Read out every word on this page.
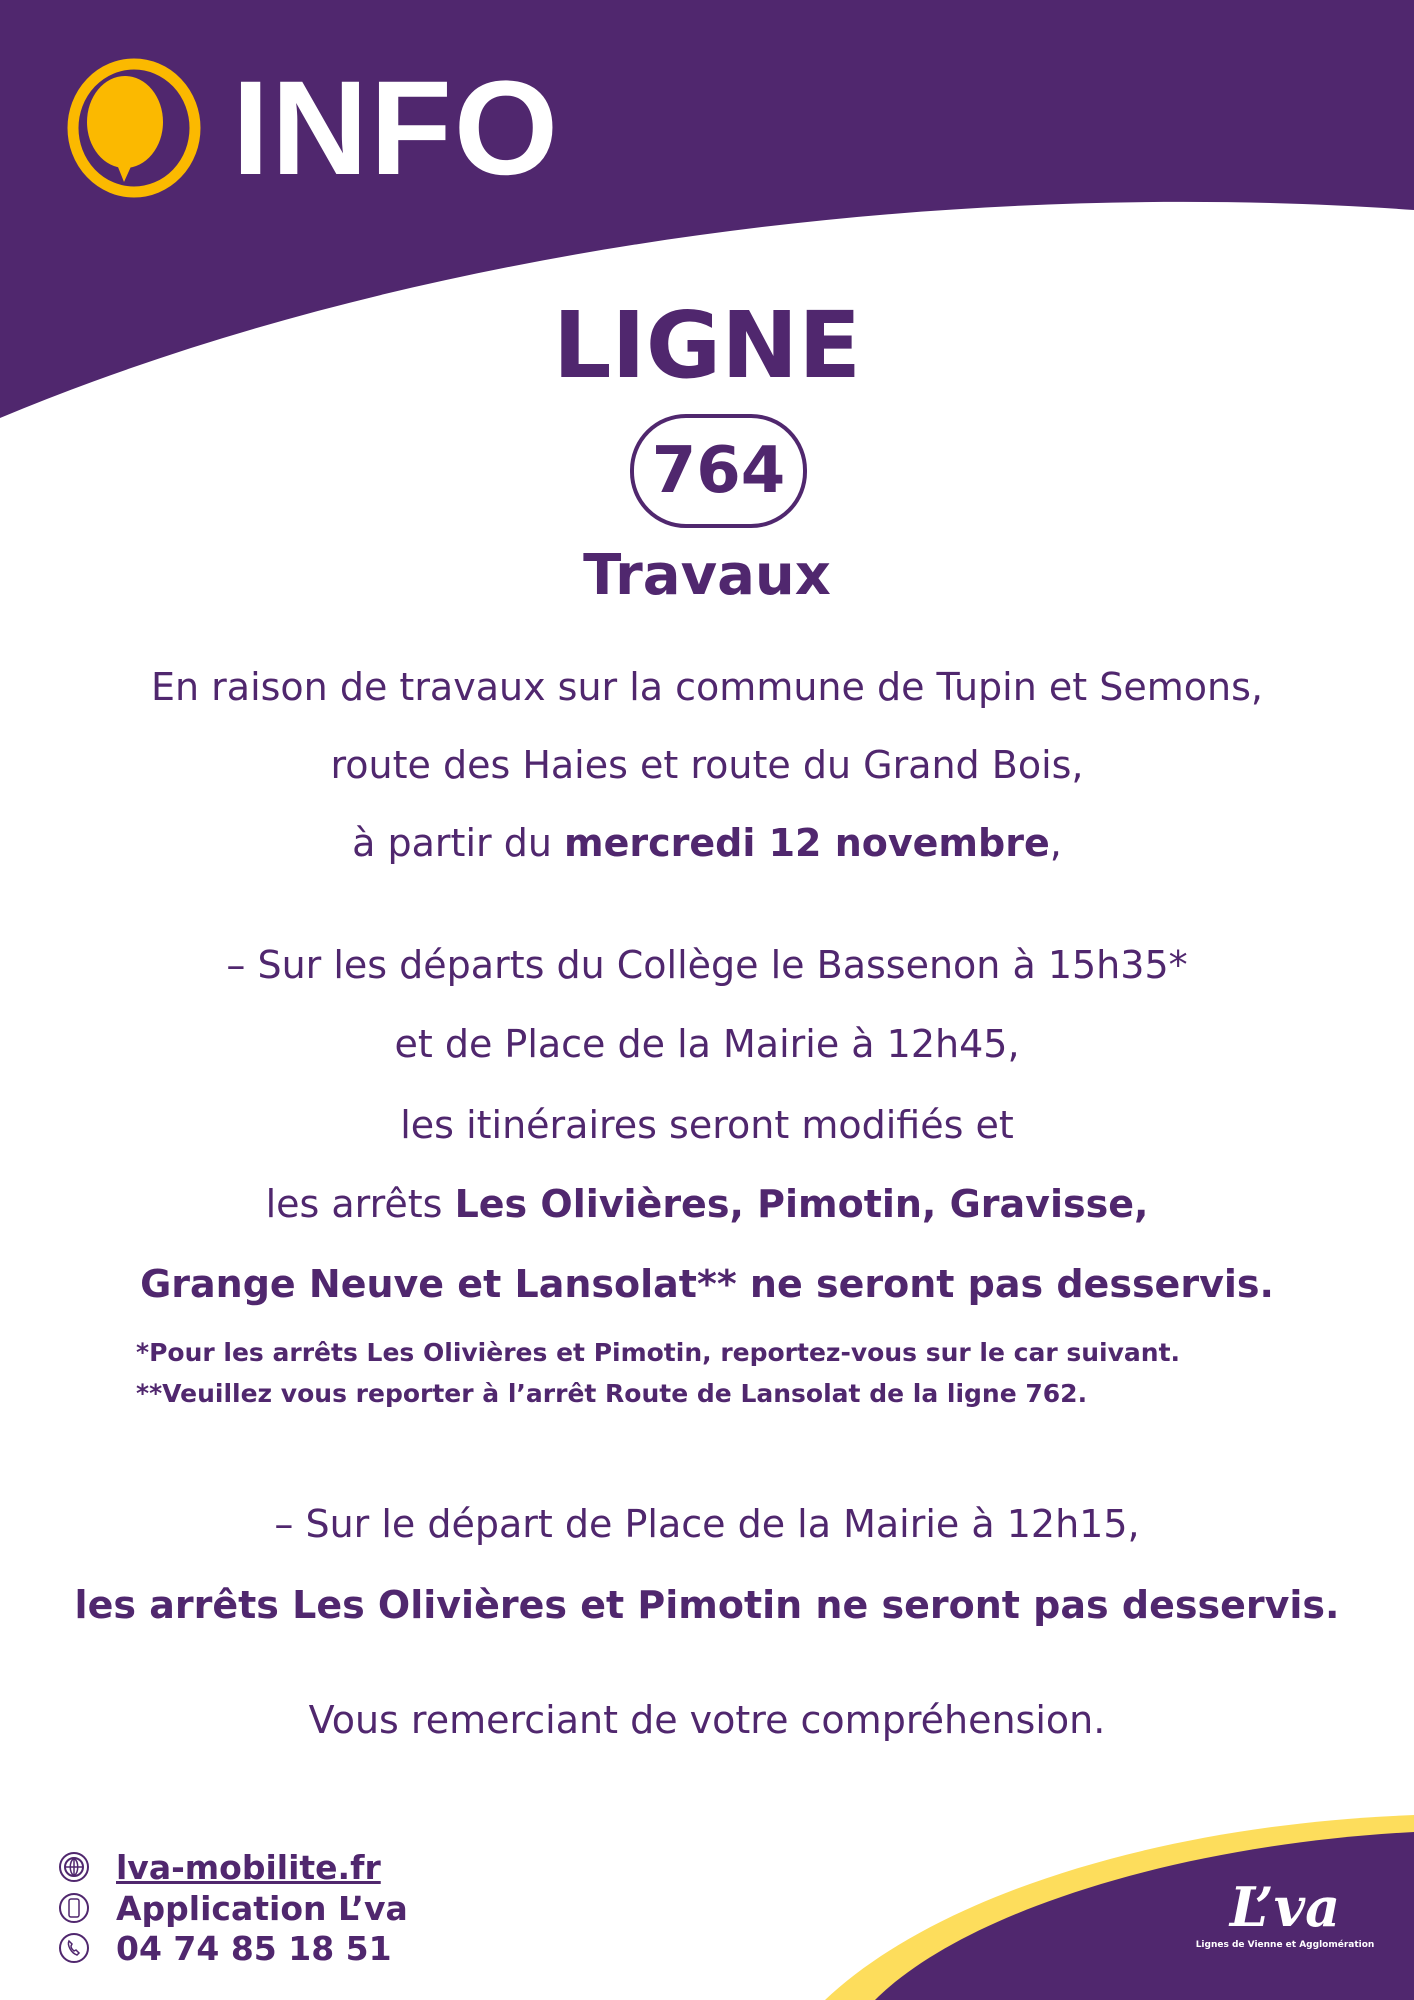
INFO
LIGNE
764
Travaux
En raison de travaux sur la commune de Tupin et Semons,
route des Haies et route du Grand Bois,
à partir du mercredi 12 novembre,
– Sur les départs du Collège le Bassenon à 15h35*
et de Place de la Mairie à 12h45,
les itinéraires seront modifiés et
les arrêts Les Olivières, Pimotin, Gravisse,
Grange Neuve et Lansolat** ne seront pas desservis.
*Pour les arrêts Les Olivières et Pimotin, reportez-vous sur le car suivant.
**Veuillez vous reporter à l’arrêt Route de Lansolat de la ligne 762.
– Sur le départ de Place de la Mairie à 12h15,
les arrêts Les Olivières et Pimotin ne seront pas desservis.
Vous remerciant de votre compréhension.
lva-mobilite.fr
Application L’va
04 74 85 18 51
L’va
Lignes de Vienne et Agglomération
